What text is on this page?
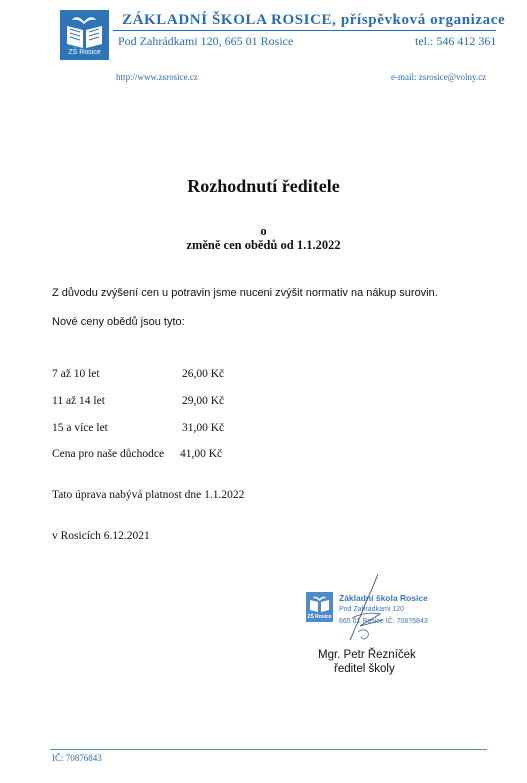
ZŠ Rosice
ZÁKLADNÍ ŠKOLA ROSICE, příspěvková organizace
Pod Zahrádkami 120, 665 01 Rosice	tel.: 546 412 361
http://www.zsrosice.cz	e-mail: zsrosice@volny.cz
Rozhodnutí ředitele
o
změně cen obědů od 1.1.2022
Z důvodu zvýšení cen u potravin jsme nuceni zvýšit normativ na nákup surovin.
Nové ceny obědů jsou tyto:
7 až 10 let	26,00 Kč
11 až 14 let	29,00 Kč
15 a více let	31,00 Kč
Cena pro naše důchodce 41,00 Kč
Tato úprava nabývá platnost dne 1.1.2022
v Rosicích 6.12.2021
ZŠ Rosice
Základní škola Rosice
Pod Zahrádkami 120
665 01 Rosice IČ: 70876843
Mgr. Petr Řezníček
ředitel školy
IČ: 70876843
